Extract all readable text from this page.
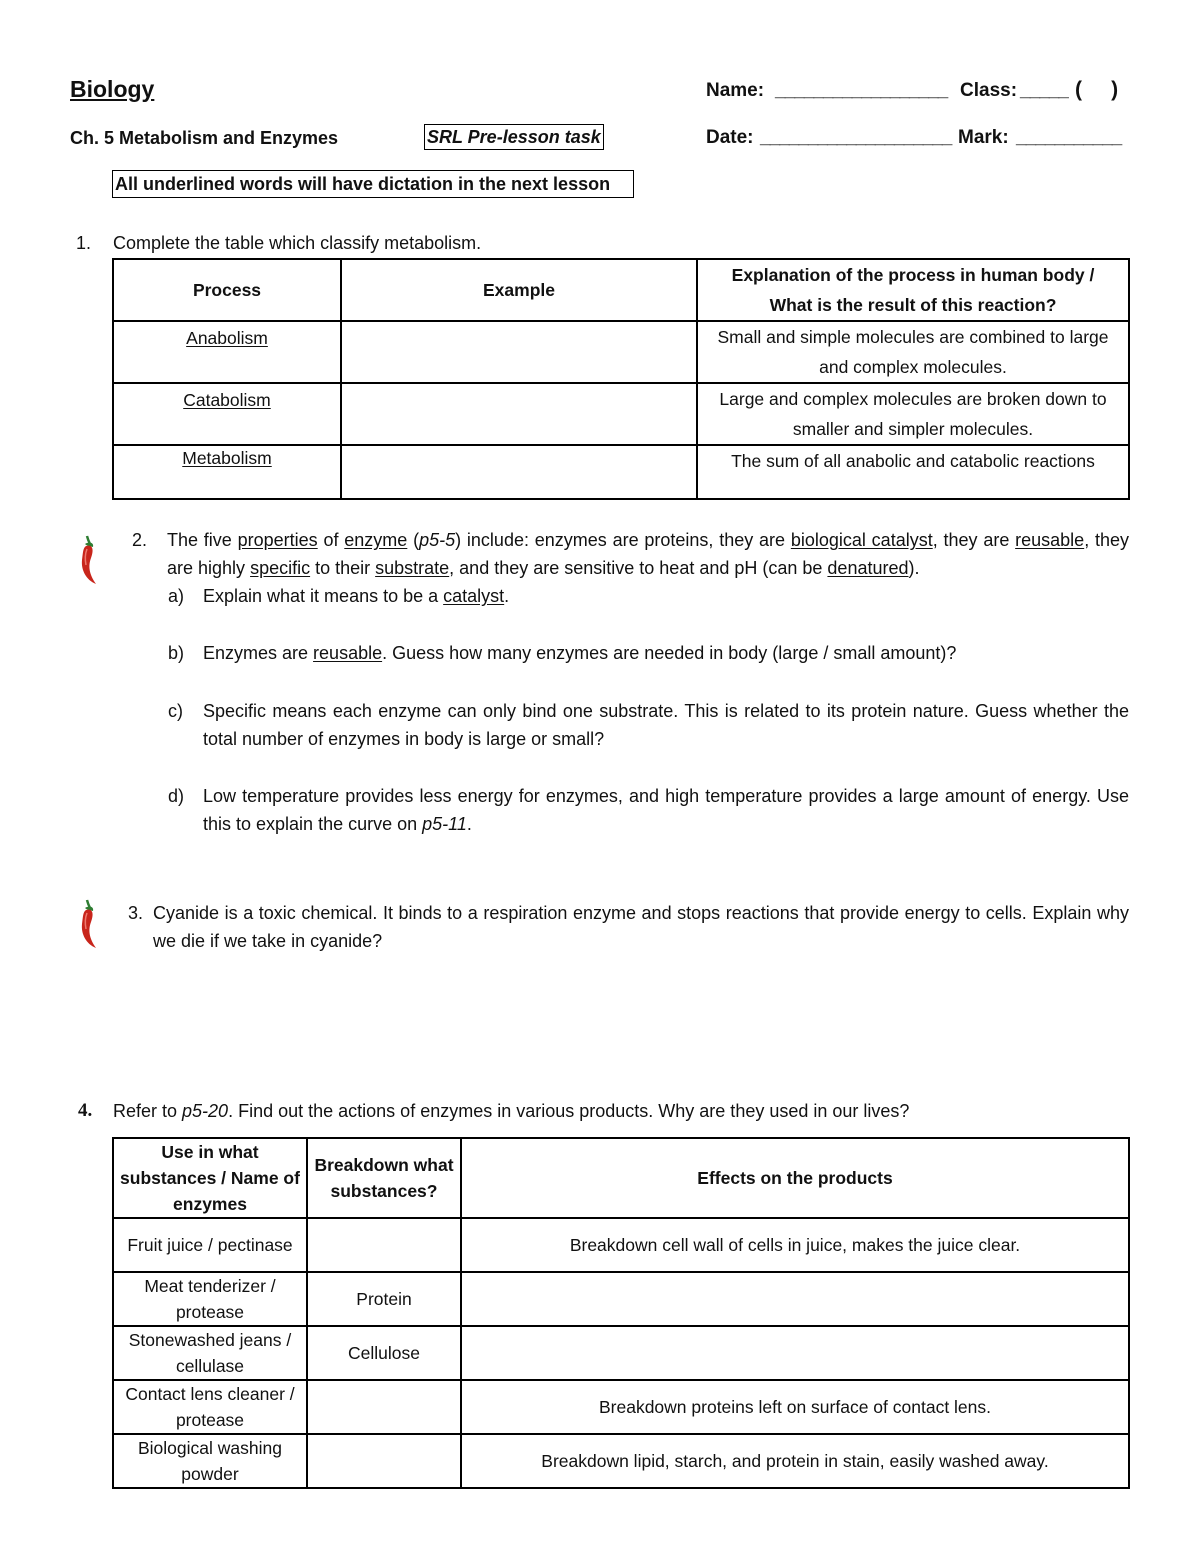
Biology	Name: __________________ Class: _____ (     )
Ch. 5 Metabolism and Enzymes	SRL Pre-lesson task	Date: ____________________ Mark: ___________
All underlined words will have dictation in the next lesson
1. Complete the table which classify metabolism.
Process	Example	Explanation of the process in human body / What is the result of this reaction?
Anabolism		Small and simple molecules are combined to large and complex molecules.
Catabolism		Large and complex molecules are broken down to smaller and simpler molecules.
Metabolism		The sum of all anabolic and catabolic reactions
2. The five properties of enzyme (p5-5) include: enzymes are proteins, they are biological catalyst, they are reusable, they are highly specific to their substrate, and they are sensitive to heat and pH (can be denatured).
a) Explain what it means to be a catalyst.
b) Enzymes are reusable. Guess how many enzymes are needed in body (large / small amount)?
c) Specific means each enzyme can only bind one substrate. This is related to its protein nature. Guess whether the total number of enzymes in body is large or small?
d) Low temperature provides less energy for enzymes, and high temperature provides a large amount of energy. Use this to explain the curve on p5-11.
3. Cyanide is a toxic chemical. It binds to a respiration enzyme and stops reactions that provide energy to cells. Explain why we die if we take in cyanide?
4. Refer to p5-20. Find out the actions of enzymes in various products. Why are they used in our lives?
Use in what substances / Name of enzymes	Breakdown what substances?	Effects on the products
Fruit juice / pectinase		Breakdown cell wall of cells in juice, makes the juice clear.
Meat tenderizer / protease	Protein	
Stonewashed jeans / cellulase	Cellulose	
Contact lens cleaner / protease		Breakdown proteins left on surface of contact lens.
Biological washing powder		Breakdown lipid, starch, and protein in stain, easily washed away.
